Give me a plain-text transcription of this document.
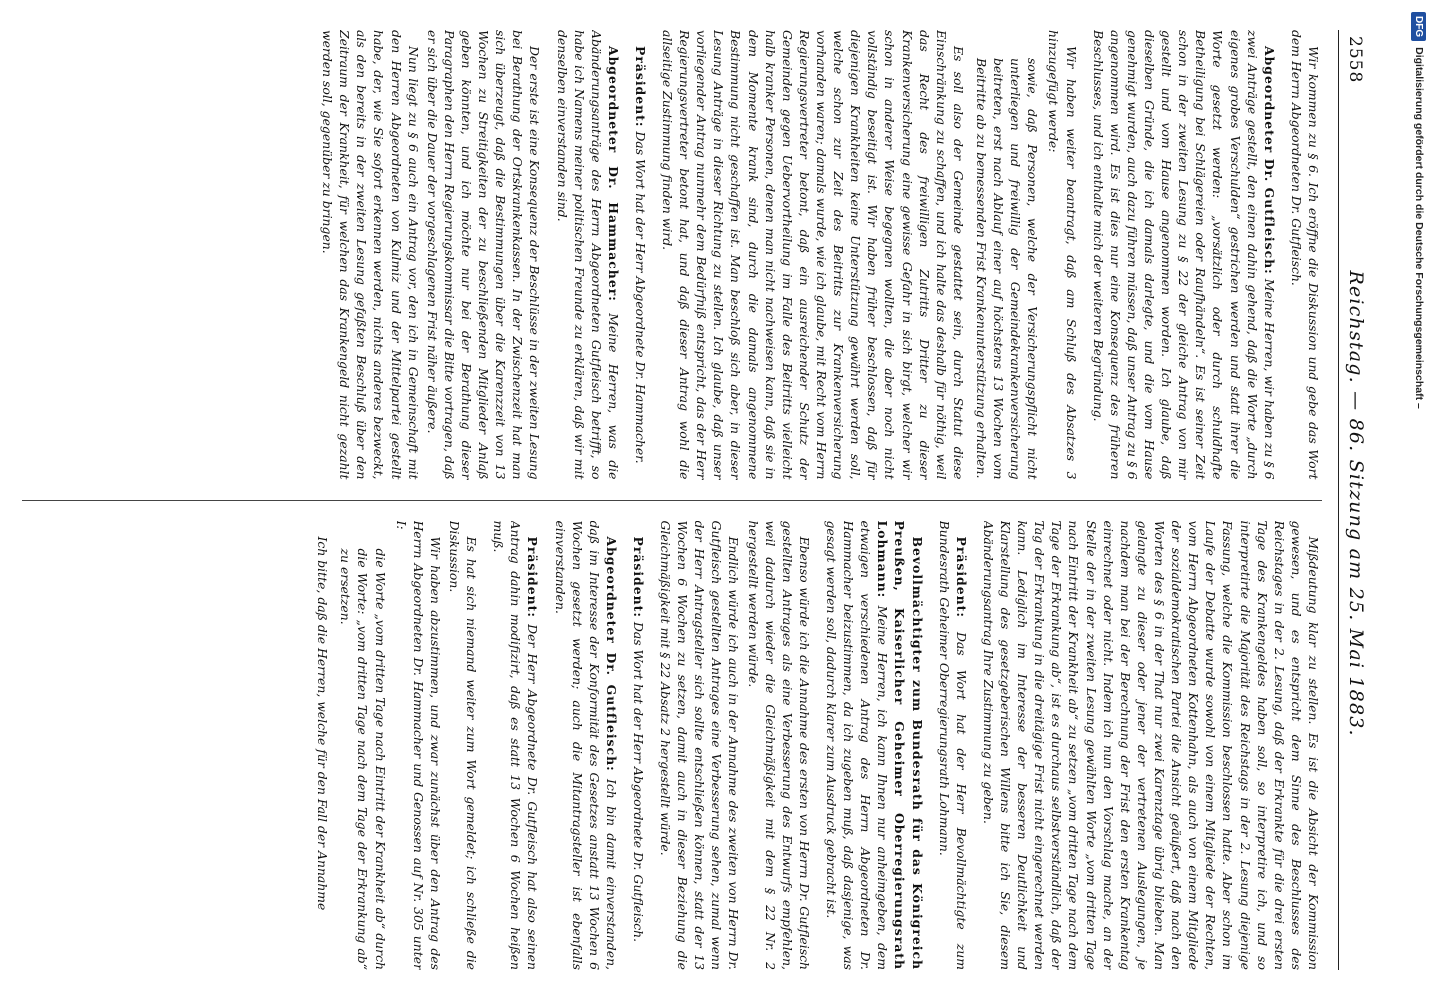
DFG
Digitalisierung gefördert durch die Deutsche Forschungsgemeinschaft –
2558
Reichstag. — 86. Sitzung am 25. Mai 1883.

Wir kommen zu § 6. Ich eröffne die Diskussion und gebe das Wort dem Herrn Abgeordneten Dr. Gutfleisch.

Abgeordneter Dr. Gutfleisch: Meine Herren, wir haben zu § 6 zwei Anträge gestellt, den einen dahin gehend, daß die Worte „durch eigenes grobes Verschulden“ gestrichen werden und statt ihrer die Worte gesetzt werden: „vorsätzlich oder durch schuldhafte Betheiligung bei Schlägereien oder Raufhändeln“. Es ist seiner Zeit schon in der zweiten Lesung zu § 22 der gleiche Antrag von mir gestellt und vom Hause angenommen worden. Ich glaube, daß dieselben Gründe, die ich damals darlegte, und die vom Hause genehmigt wurden, auch dazu führen müssen, daß unser Antrag zu § 6 angenommen wird. Es ist dies nur eine Konsequenz des früheren Beschlusses, und ich enthalte mich der weiteren Begründung.

Wir haben weiter beantragt, daß am Schluß des Absatzes 3 hinzugefügt werde:

sowie, daß Personen, welche der Versicherungspflicht nicht unterliegen und freiwillig der Gemeindekrankenversicherung beitreten, erst nach Ablauf einer auf höchstens 13 Wochen vom Beitritte ab zu bemessenden Frist Krankenunterstützung erhalten.

Es soll also der Gemeinde gestattet sein, durch Statut diese Einschränkung zu schaffen, und ich halte das deshalb für nöthig, weil das Recht des freiwilligen Zutritts Dritter zu dieser Krankenversicherung eine gewisse Gefahr in sich birgt, welcher wir schon in anderer Weise begegnen wollten, die aber noch nicht vollständig beseitigt ist. Wir haben früher beschlossen, daß für diejenigen Krankheiten keine Unterstützung gewährt werden soll, welche schon zur Zeit des Beitritts zur Krankenversicherung vorhanden waren; damals wurde, wie ich glaube, mit Recht vom Herrn Regierungsvertreter betont, daß ein ausreichender Schutz der Gemeinden gegen Uebervortheilung im Falle des Beitritts vielleicht halb kranker Personen, denen man nicht nachweisen kann, daß sie in dem Momente krank sind, durch die damals angenommene Bestimmung nicht geschaffen ist. Man beschloß sich aber, in dieser Lesung Anträge in dieser Richtung zu stellen. Ich glaube, daß unser vorliegender Antrag nunmehr dem Bedürfniß entspricht, das der Herr Regierungsvertreter betont hat, und daß dieser Antrag wohl die allseitige Zustimmung finden wird.

Präsident: Das Wort hat der Herr Abgeordnete Dr. Hammacher.

Abgeordneter Dr. Hammacher: Meine Herren, was die Abänderungsanträge des Herrn Abgeordneten Gutfleisch betrifft, so habe ich Namens meiner politischen Freunde zu erklären, daß wir mit denselben einverstanden sind.

Der erste ist eine Konsequenz der Beschlüsse in der zweiten Lesung bei Berathung der Ortskrankenkassen. In der Zwischenzeit hat man sich überzeugt, daß die Bestimmungen über die Karenzzeit von 13 Wochen zu Streitigkeiten der zu beschließenden Mitglieder Anlaß geben könnten, und ich möchte nur bei der Berathung dieser Paragraphen den Herrn Regierungskommissar die Bitte vortragen, daß er sich über die Dauer der vorgeschlagenen Frist näher äußere.

Nun liegt zu § 6 auch ein Antrag vor, den ich in Gemeinschaft mit den Herren Abgeordneten von Kulmiz und der Mittelpartei gestellt habe, der, wie Sie sofort erkennen werden, nichts anderes bezweckt, als den bereits in der zweiten Lesung gefaßten Beschluß über den Zeitraum der Krankheit, für welchen das Krankengeld nicht gezahlt werden soll, gegenüber zu bringen.

Mißdeutung klar zu stellen. Es ist die Absicht der Kommission gewesen, und es entspricht dem Sinne des Beschlusses des Reichstages in der 2. Lesung, daß der Erkrankte für die drei ersten Tage des Krankengeldes haben soll, so interpretire ich, und so interpretirte die Majorität des Reichstags in der 2. Lesung diejenige Fassung, welche die Kommission beschlossen hatte. Aber schon im Laufe der Debatte wurde sowohl von einem Mitgliede der Rechten, vom Herrn Abgeordneten Kottenhahn, als auch von einem Mitgliede der sozialdemokratischen Partei die Ansicht geäußert, daß nach den Worten des § 6 in der That nur zwei Karenztage übrig blieben. Man gelangte zu dieser oder jener der vertretenen Auslegungen, je nachdem man bei der Berechnung der Frist den ersten Krankentag einrechnet oder nicht. Indem ich nun den Vorschlag mache, an der Stelle der in der zweiten Lesung gewählten Worte „vom dritten Tage nach Eintritt der Krankheit ab“ zu setzen „vom dritten Tage nach dem Tage der Erkrankung ab“, ist es durchaus selbstverständlich, daß der Tag der Erkrankung in die dreitägige Frist nicht eingerechnet werden kann. Lediglich im Interesse der besseren Deutlichkeit und Klarstellung des gesetzgeberischen Willens bitte ich Sie, diesem Abänderungsantrag Ihre Zustimmung zu geben.

Präsident: Das Wort hat der Herr Bevollmächtigte zum Bundesrath Geheimer Oberregierungsrath Lohmann.

Bevollmächtigter zum Bundesrath für das Königreich Preußen, Kaiserlicher Geheimer Oberregierungsrath Lohmann: Meine Herren, ich kann Ihnen nur anheimgeben, dem etwaigen verschiedenen Antrag des Herrn Abgeordneten Dr. Hammacher beizustimmen, da ich zugeben muß, daß dasjenige, was gesagt werden soll, dadurch klarer zum Ausdruck gebracht ist.

Ebenso würde ich die Annahme des ersten von Herrn Dr. Gutfleisch gestellten Antrages als eine Verbesserung des Entwurfs empfehlen, weil dadurch wieder die Gleichmäßigkeit mit dem § 22 Nr. 2 hergestellt werden würde.

Endlich würde ich auch in der Annahme des zweiten von Herrn Dr. Gutfleisch gestellten Antrages eine Verbesserung sehen, zumal wenn der Herr Antragsteller sich sollte entschließen können, statt der 13 Wochen 6 Wochen zu setzen, damit auch in dieser Beziehung die Gleichmäßigkeit mit § 22 Absatz 2 hergestellt würde.

Präsident: Das Wort hat der Herr Abgeordnete Dr. Gutfleisch.

Abgeordneter Dr. Gutfleisch: Ich bin damit einverstanden, daß im Interesse der Konformität des Gesetzes anstatt 13 Wochen 6 Wochen gesetzt werden; auch die Mitantragsteller ist ebenfalls einverstanden.

Präsident: Der Herr Abgeordnete Dr. Gutfleisch hat also seinen Antrag dahin modifizirt, daß es statt 13 Wochen 6 Wochen heißen muß.

Es hat sich niemand weiter zum Wort gemeldet; ich schließe die Diskussion.

Wir haben abzustimmen, und zwar zunächst über den Antrag des Herrn Abgeordneten Dr. Hammacher und Genossen auf Nr. 305 unter I:

die Worte „vom dritten Tage nach Eintritt der Krankheit ab“ durch die Worte: „vom dritten Tage nach dem Tage der Erkrankung ab“ zu ersetzen.

Ich bitte, daß die Herren, welche für den Fall der Annahme
